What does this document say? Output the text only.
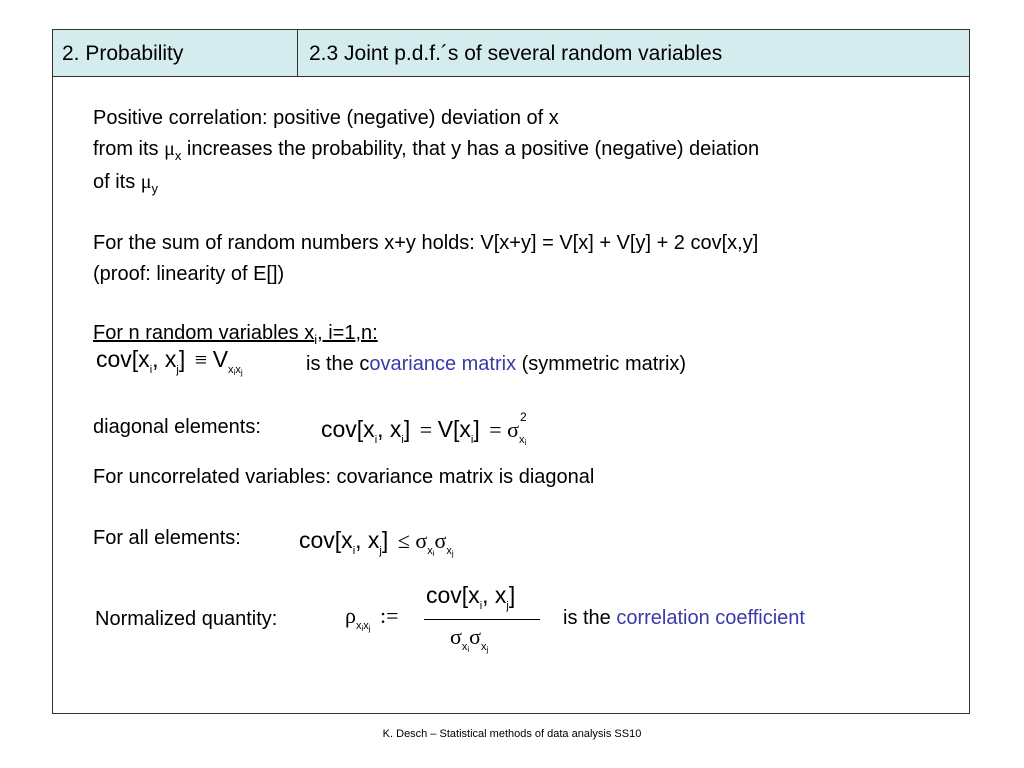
2. Probability	2.3 Joint p.d.f.´s of several random variables
Positive correlation: positive (negative) deviation of x
from its $\mu_x$ increases the probability, that y has a positive (negative) deiation
of its $\mu_y$
For the sum of random numbers x+y holds: V[x+y] = V[x] + V[y] + 2 cov[x,y]
(proof: linearity of E[])
For n random variables $x_i$, i=1,n:
$cov[x_i$, $x_j] \equiv V_{x_ix_j}$	is the covariance matrix (symmetric matrix)
diagonal elements:	$cov[x_i$, $x_i] = V[x_i] = \sigma$ 2
$_{x_i}$
For uncorrelated variables: covariance matrix is diagonal
For all elements:	$cov[x_i$, $x_j] \le \sigma_{x_i}\sigma_{x_j}$
Normalized quantity:	$\rho_{x_ix_j}$  :=
$cov[x_i$, $x_j$]
$\sigma_{x_i}\sigma_{x_j}$
is the correlation coefficient
K. Desch – Statistical methods of data analysis SS10
